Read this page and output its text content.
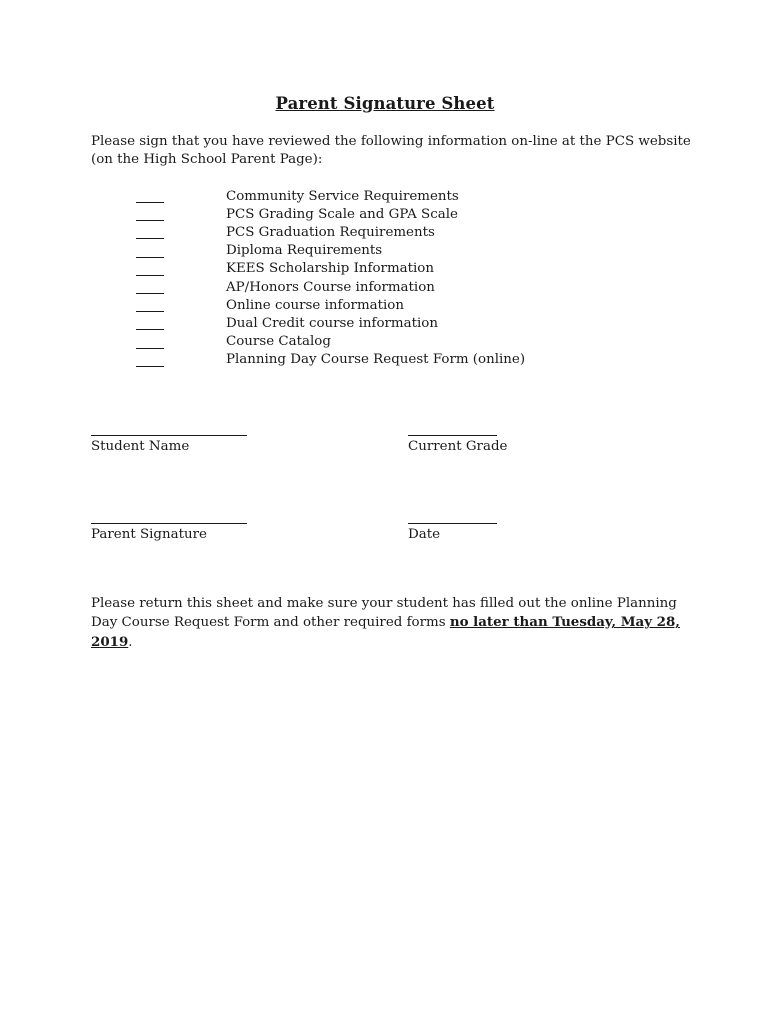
Parent Signature Sheet
Please sign that you have reviewed the following information on-line at the PCS website (on the High School Parent Page):
Community Service Requirements
PCS Grading Scale and GPA Scale
PCS Graduation Requirements
Diploma Requirements
KEES Scholarship Information
AP/Honors Course information
Online course information
Dual Credit course information
Course Catalog
Planning Day Course Request Form (online)
Student Name	Current Grade
Parent Signature	Date
Please return this sheet and make sure your student has filled out the online Planning Day Course Request Form and other required forms no later than Tuesday, May 28, 2019.
